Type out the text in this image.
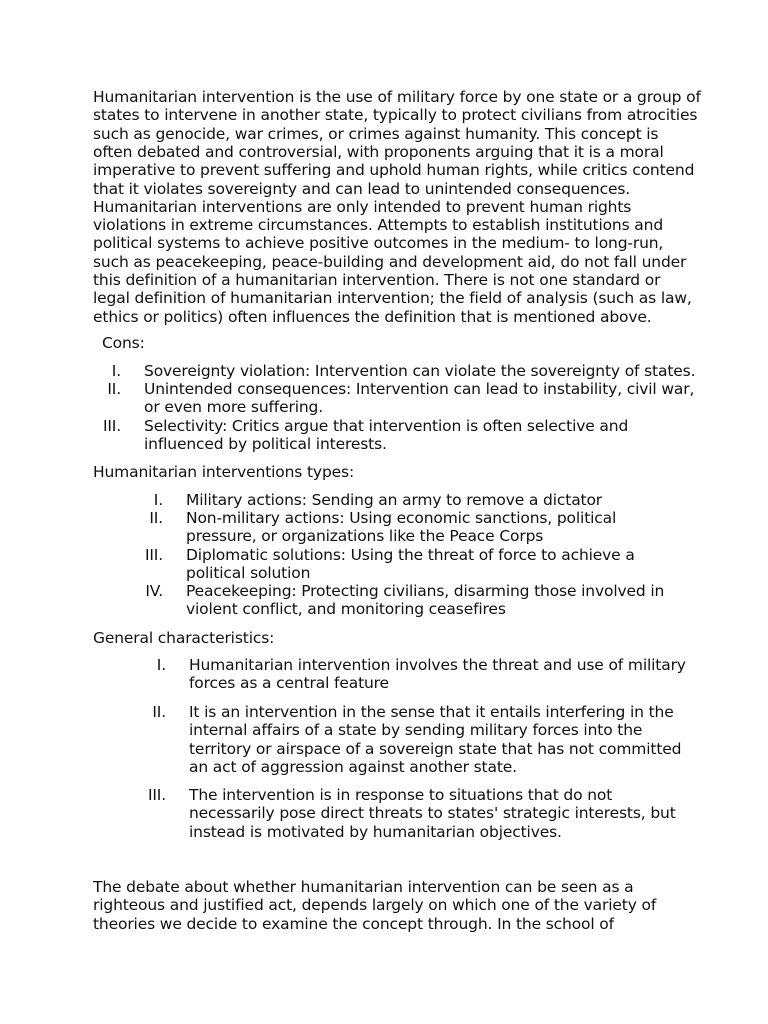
Humanitarian intervention is the use of military force by one state or a group of
states to intervene in another state, typically to protect civilians from atrocities
such as genocide, war crimes, or crimes against humanity. This concept is
often debated and controversial, with proponents arguing that it is a moral
imperative to prevent suffering and uphold human rights, while critics contend
that it violates sovereignty and can lead to unintended consequences.
Humanitarian interventions are only intended to prevent human rights
violations in extreme circumstances. Attempts to establish institutions and
political systems to achieve positive outcomes in the medium- to long-run,
such as peacekeeping, peace-building and development aid, do not fall under
this definition of a humanitarian intervention. There is not one standard or
legal definition of humanitarian intervention; the field of analysis (such as law,
ethics or politics) often influences the definition that is mentioned above.
Cons:
I. Sovereignty violation: Intervention can violate the sovereignty of states.
II. Unintended consequences: Intervention can lead to instability, civil war,
or even more suffering.
III. Selectivity: Critics argue that intervention is often selective and
influenced by political interests.
Humanitarian interventions types:
I. Military actions: Sending an army to remove a dictator
II. Non-military actions: Using economic sanctions, political
pressure, or organizations like the Peace Corps
III. Diplomatic solutions: Using the threat of force to achieve a
political solution
IV. Peacekeeping: Protecting civilians, disarming those involved in
violent conflict, and monitoring ceasefires
General characteristics:
I. Humanitarian intervention involves the threat and use of military
forces as a central feature
II. It is an intervention in the sense that it entails interfering in the
internal affairs of a state by sending military forces into the
territory or airspace of a sovereign state that has not committed
an act of aggression against another state.
III. The intervention is in response to situations that do not
necessarily pose direct threats to states' strategic interests, but
instead is motivated by humanitarian objectives.
The debate about whether humanitarian intervention can be seen as a
righteous and justified act, depends largely on which one of the variety of
theories we decide to examine the concept through. In the school of
